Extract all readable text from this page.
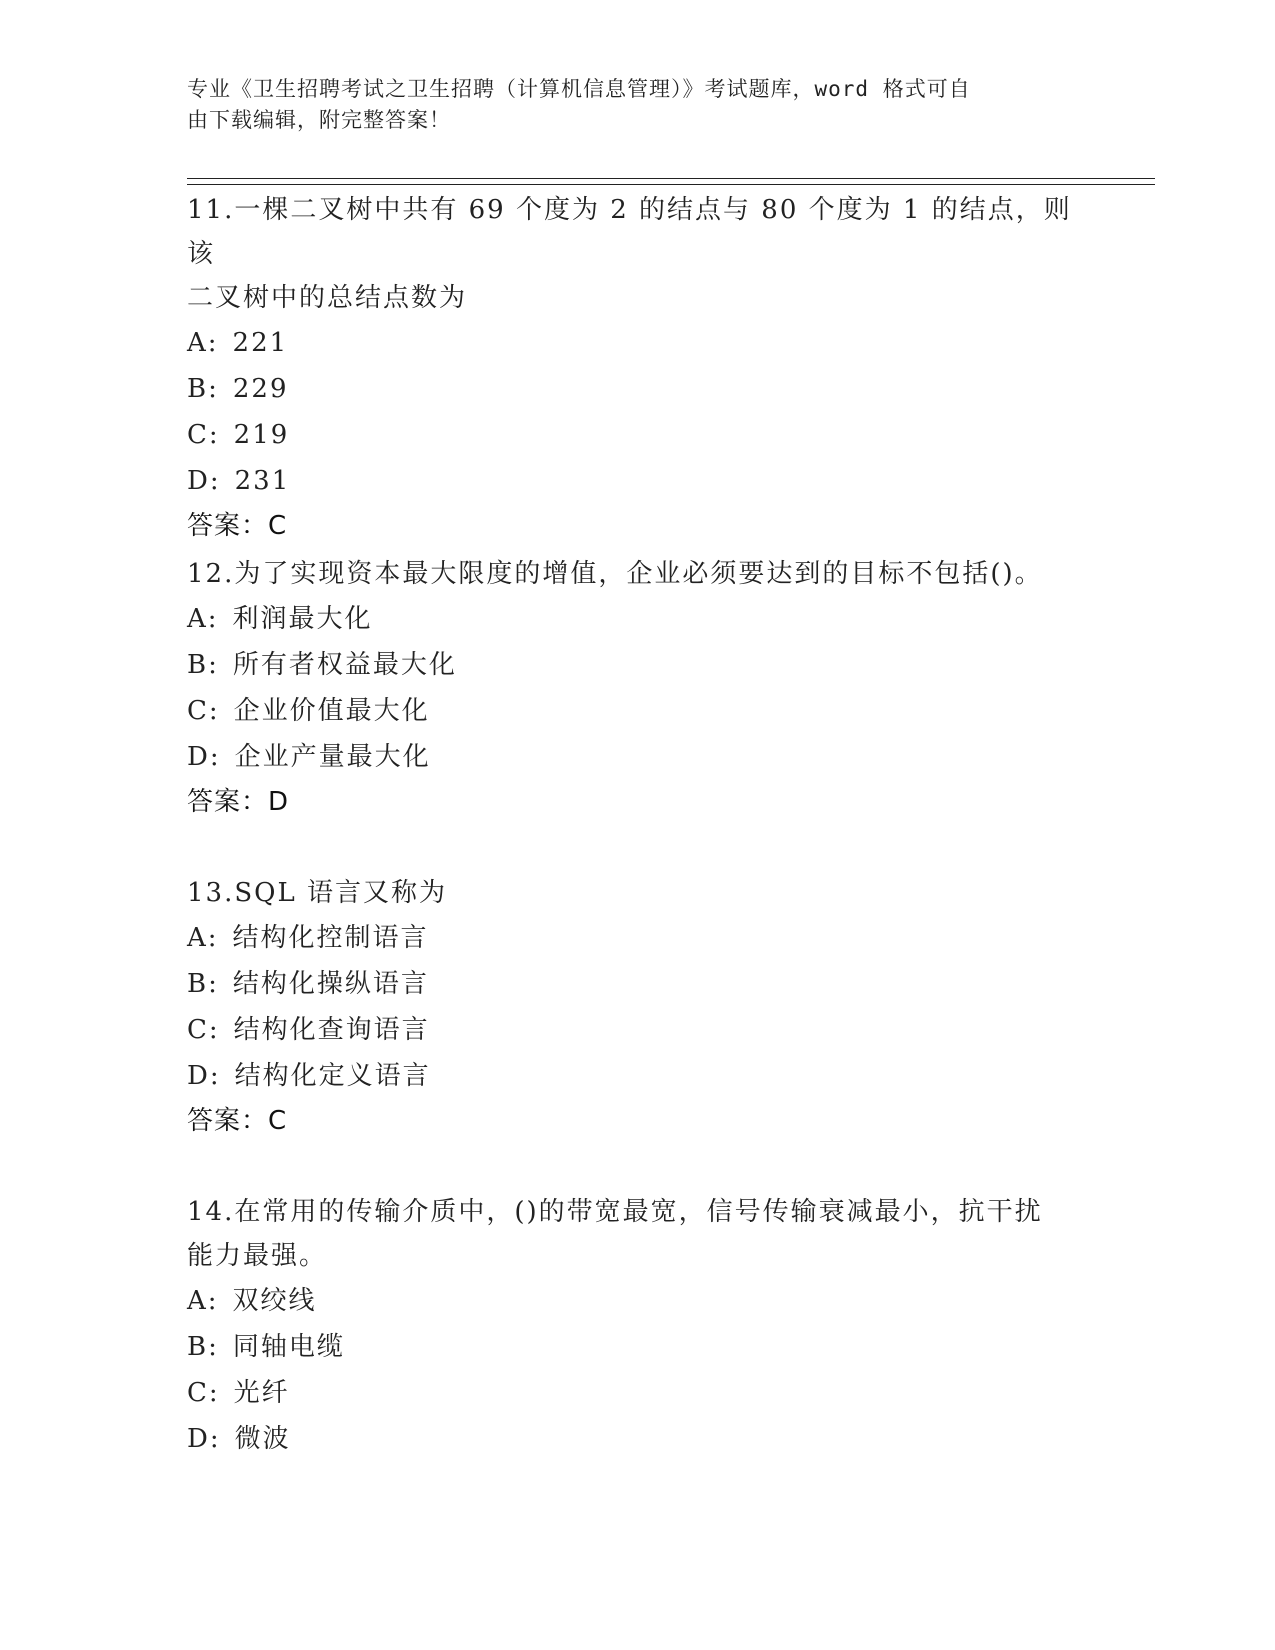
专业《卫生招聘考试之卫生招聘（计算机信息管理）》考试题库，word 格式可自
由下载编辑，附完整答案！
11.一棵二叉树中共有 69 个度为 2 的结点与 80 个度为 1 的结点，则该
二叉树中的总结点数为
A: 221
B: 229
C: 219
D: 231
答案：C
12.为了实现资本最大限度的增值，企业必须要达到的目标不包括()。
A: 利润最大化
B: 所有者权益最大化
C: 企业价值最大化
D: 企业产量最大化
答案：D
13.SQL 语言又称为
A: 结构化控制语言
B: 结构化操纵语言
C: 结构化查询语言
D: 结构化定义语言
答案：C
14.在常用的传输介质中，()的带宽最宽，信号传输衰减最小，抗干扰
能力最强。
A: 双绞线
B: 同轴电缆
C: 光纤
D: 微波
